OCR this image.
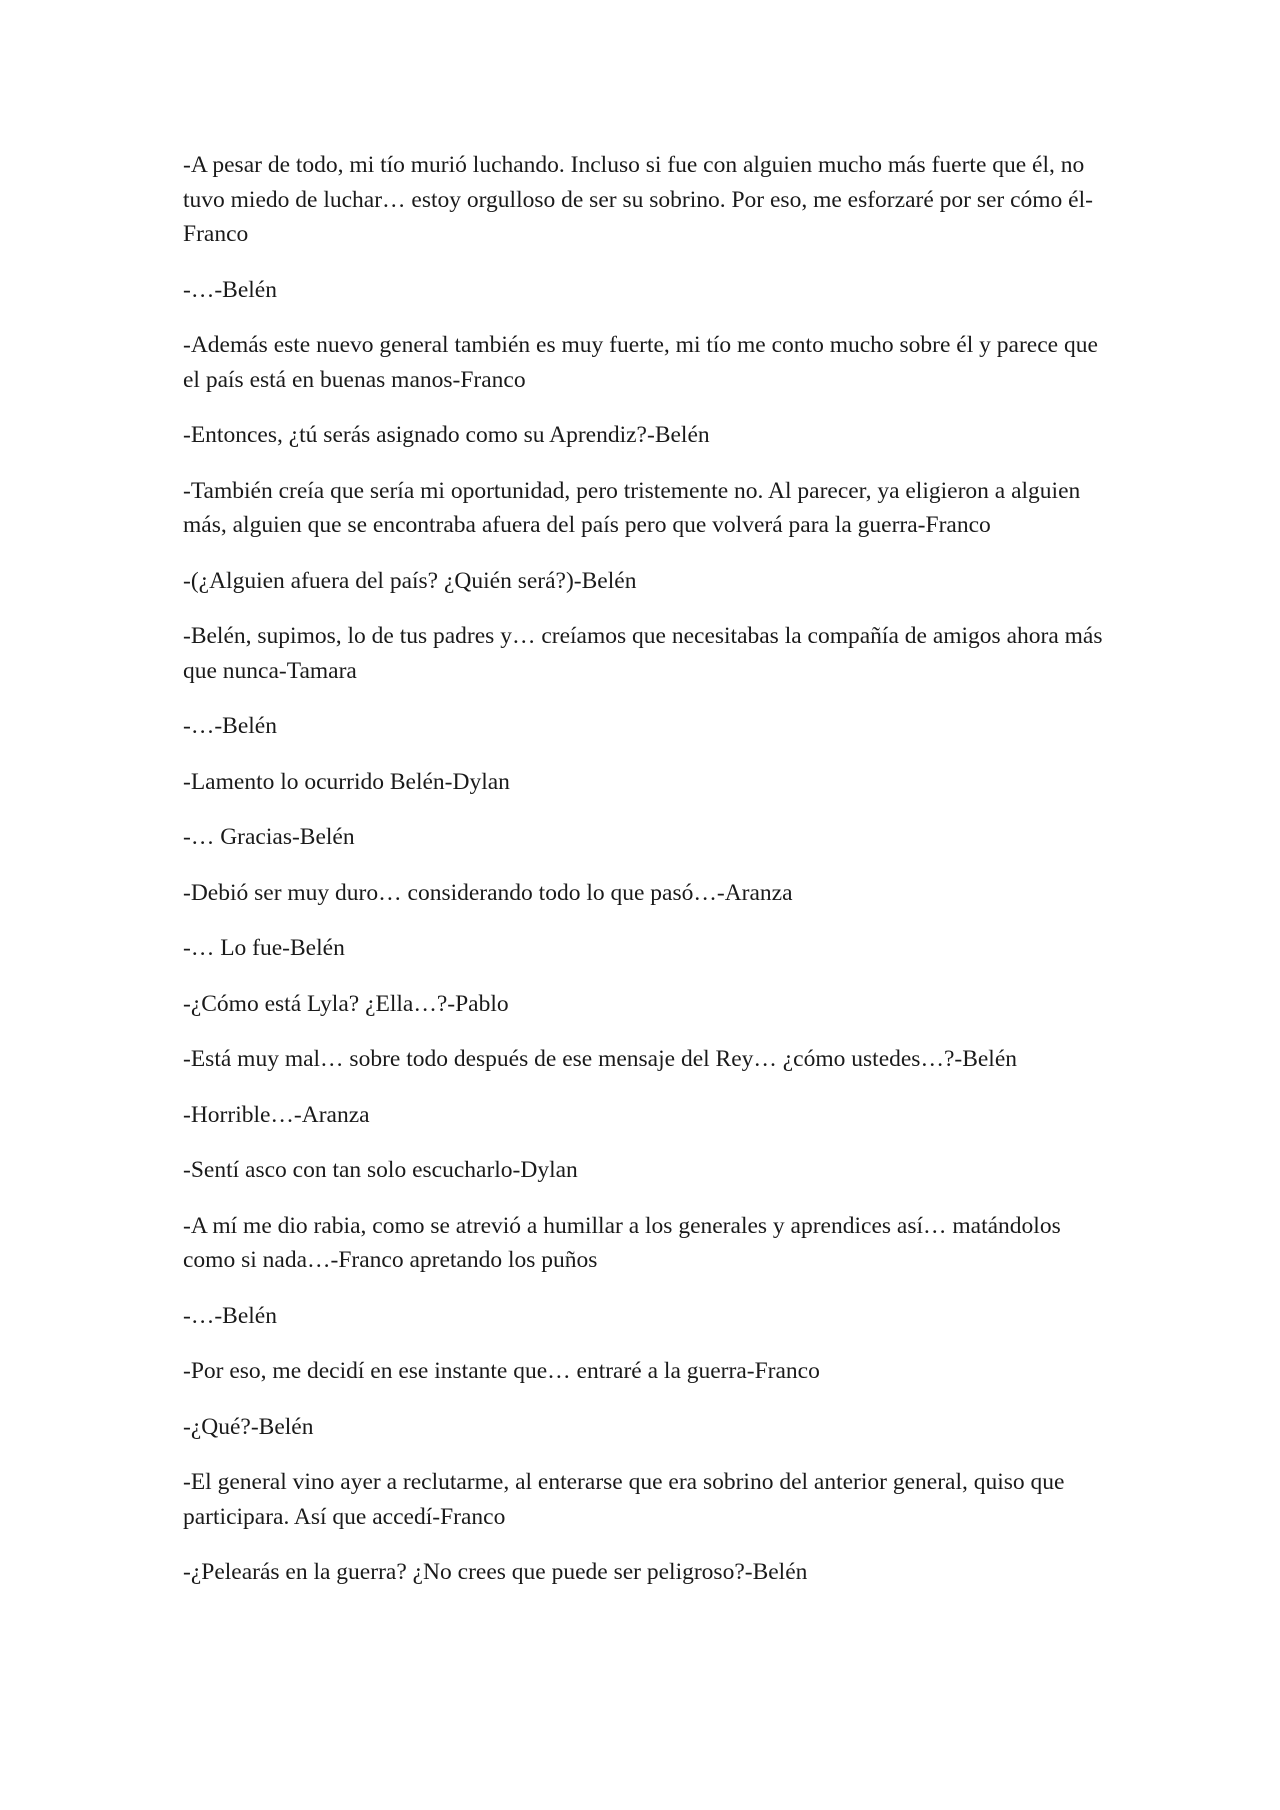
-A pesar de todo, mi tío murió luchando. Incluso si fue con alguien mucho más fuerte que él, no tuvo miedo de luchar… estoy orgulloso de ser su sobrino. Por eso, me esforzaré por ser cómo él-Franco

-…-Belén

-Además este nuevo general también es muy fuerte, mi tío me conto mucho sobre él y parece que el país está en buenas manos-Franco

-Entonces, ¿tú serás asignado como su Aprendiz?-Belén

-También creía que sería mi oportunidad, pero tristemente no. Al parecer, ya eligieron a alguien más, alguien que se encontraba afuera del país pero que volverá para la guerra-Franco

-(¿Alguien afuera del país? ¿Quién será?)-Belén

-Belén, supimos, lo de tus padres y… creíamos que necesitabas la compañía de amigos ahora más que nunca-Tamara

-…-Belén

-Lamento lo ocurrido Belén-Dylan

-… Gracias-Belén

-Debió ser muy duro… considerando todo lo que pasó…-Aranza

-… Lo fue-Belén

-¿Cómo está Lyla? ¿Ella…?-Pablo

-Está muy mal… sobre todo después de ese mensaje del Rey… ¿cómo ustedes…?-Belén

-Horrible…-Aranza

-Sentí asco con tan solo escucharlo-Dylan

-A mí me dio rabia, como se atrevió a humillar a los generales y aprendices así… matándolos como si nada…-Franco apretando los puños

-…-Belén

-Por eso, me decidí en ese instante que… entraré a la guerra-Franco

-¿Qué?-Belén

-El general vino ayer a reclutarme, al enterarse que era sobrino del anterior general, quiso que participara. Así que accedí-Franco

-¿Pelearás en la guerra? ¿No crees que puede ser peligroso?-Belén
